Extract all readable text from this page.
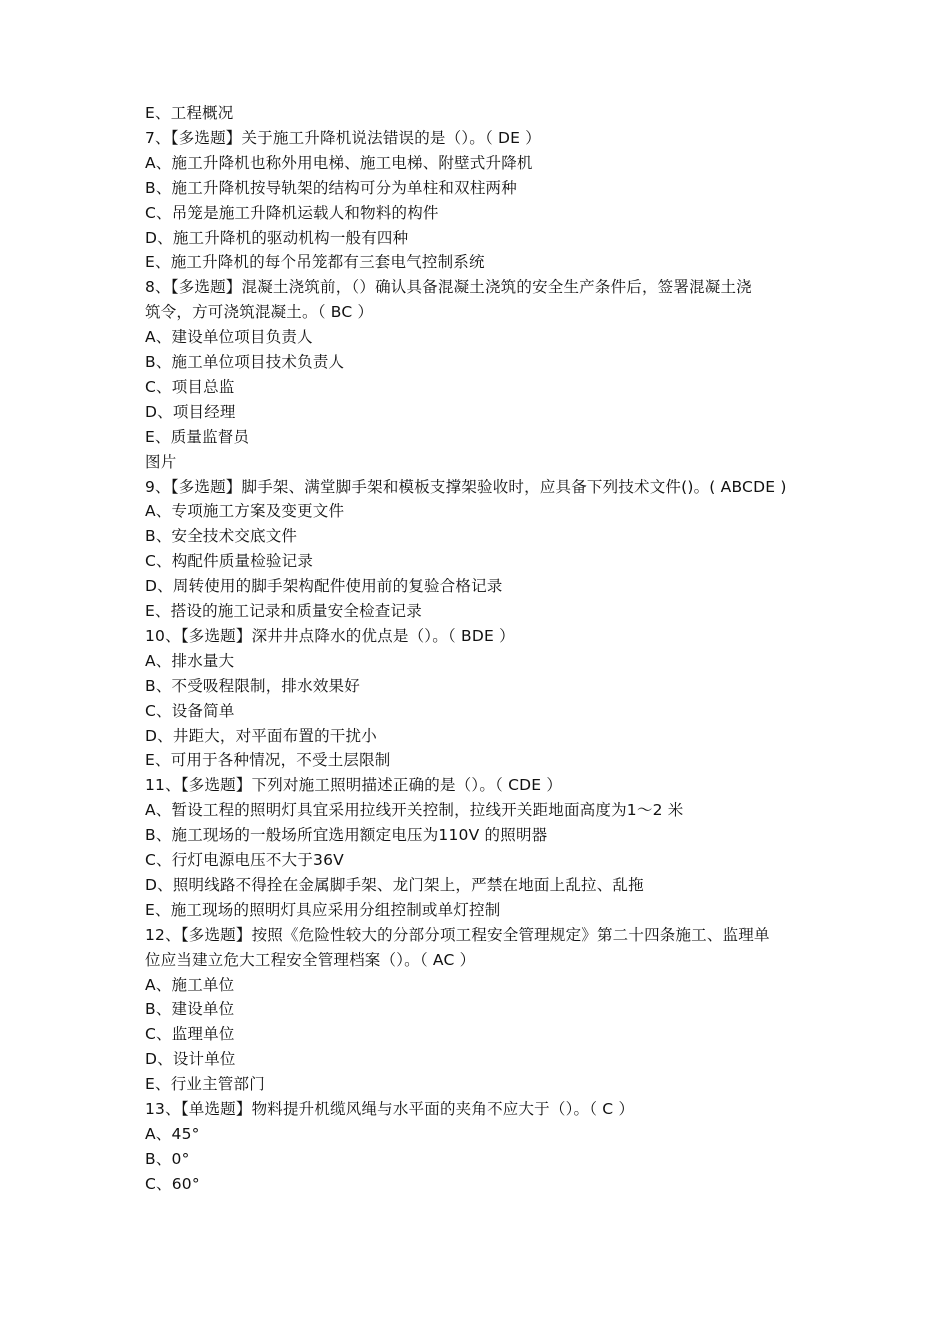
E、工程概况
7、【多选题】关于施工升降机说法错误的是（）。（ DE ）
A、施工升降机也称外用电梯、施工电梯、附壁式升降机
B、施工升降机按导轨架的结构可分为单柱和双柱两种
C、吊笼是施工升降机运载人和物料的构件
D、施工升降机的驱动机构一般有四种
E、施工升降机的每个吊笼都有三套电气控制系统
8、【多选题】混凝土浇筑前，（）确认具备混凝土浇筑的安全生产条件后，签署混凝土浇
筑令，方可浇筑混凝土。（ BC ）
A、建设单位项目负责人
B、施工单位项目技术负责人
C、项目总监
D、项目经理
E、质量监督员
图片
9、【多选题】脚手架、满堂脚手架和模板支撑架验收时，应具备下列技术文件()。( ABCDE )
A、专项施工方案及变更文件
B、安全技术交底文件
C、构配件质量检验记录
D、周转使用的脚手架构配件使用前的复验合格记录
E、搭设的施工记录和质量安全检查记录
10、【多选题】深井井点降水的优点是（）。（ BDE ）
A、排水量大
B、不受吸程限制，排水效果好
C、设备简单
D、井距大，对平面布置的干扰小
E、可用于各种情况，不受土层限制
11、【多选题】下列对施工照明描述正确的是（）。（ CDE ）
A、暂设工程的照明灯具宜采用拉线开关控制，拉线开关距地面高度为1～2 米
B、施工现场的一般场所宜选用额定电压为110V 的照明器
C、行灯电源电压不大于36V
D、照明线路不得拴在金属脚手架、龙门架上，严禁在地面上乱拉、乱拖
E、施工现场的照明灯具应采用分组控制或单灯控制
12、【多选题】按照《危险性较大的分部分项工程安全管理规定》第二十四条施工、监理单
位应当建立危大工程安全管理档案（）。（ AC ）
A、施工单位
B、建设单位
C、监理单位
D、设计单位
E、行业主管部门
13、【单选题】物料提升机缆风绳与水平面的夹角不应大于（）。（ C ）
A、45°
B、0°
C、60°
